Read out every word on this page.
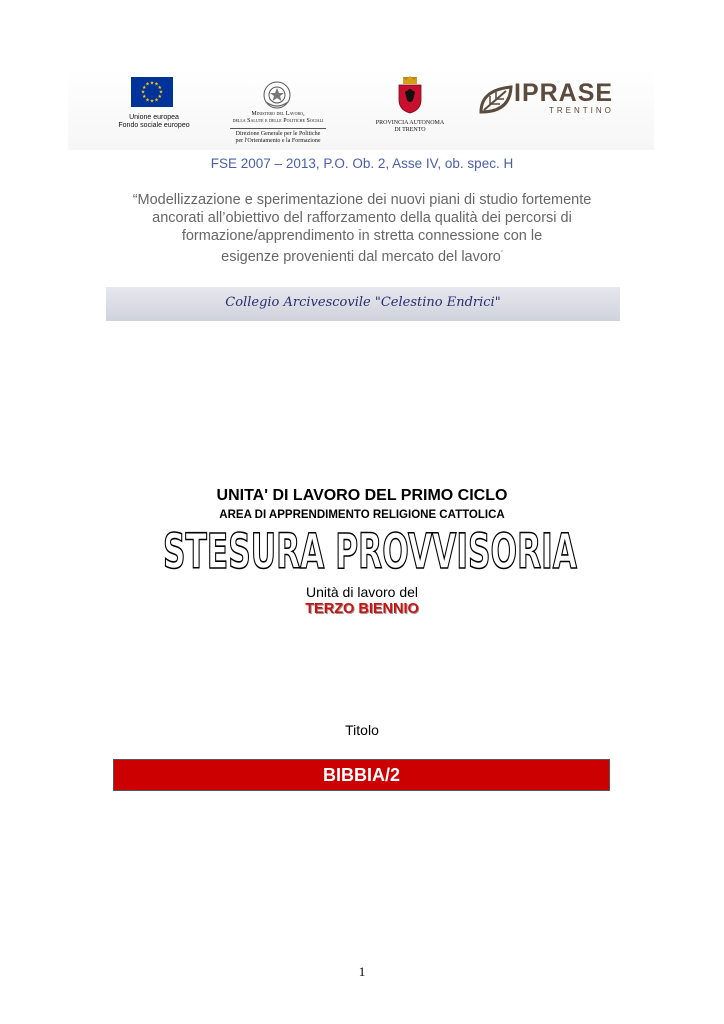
★ ★
★
★
★
★
★
★
★
★
★
★
Unione europea
Fondo sociale europeo
Ministero del Lavoro,
della Salute e delle Politiche Sociali
Direzione Generale per le Politiche
per l'Orientamento e la Formazione
PROVINCIA AUTONOMA
DI TRENTO
IPRASE
TRENTINO
FSE 2007 – 2013, P.O. Ob. 2, Asse IV, ob. spec. H
“Modellizzazione e sperimentazione dei nuovi piani di studio fortemente
ancorati all’obiettivo del rafforzamento della qualità dei percorsi di
formazione/apprendimento in stretta connessione con le
esigenze provenienti dal mercato del lavoro”
Collegio Arcivescovile "Celestino Endrici"
UNITA' DI LAVORO DEL PRIMO CICLO
AREA DI APPRENDIMENTO RELIGIONE CATTOLICA
STESURA PROVVISORIA
Unità di lavoro del
TERZO BIENNIO
Titolo
BIBBIA/2
1
